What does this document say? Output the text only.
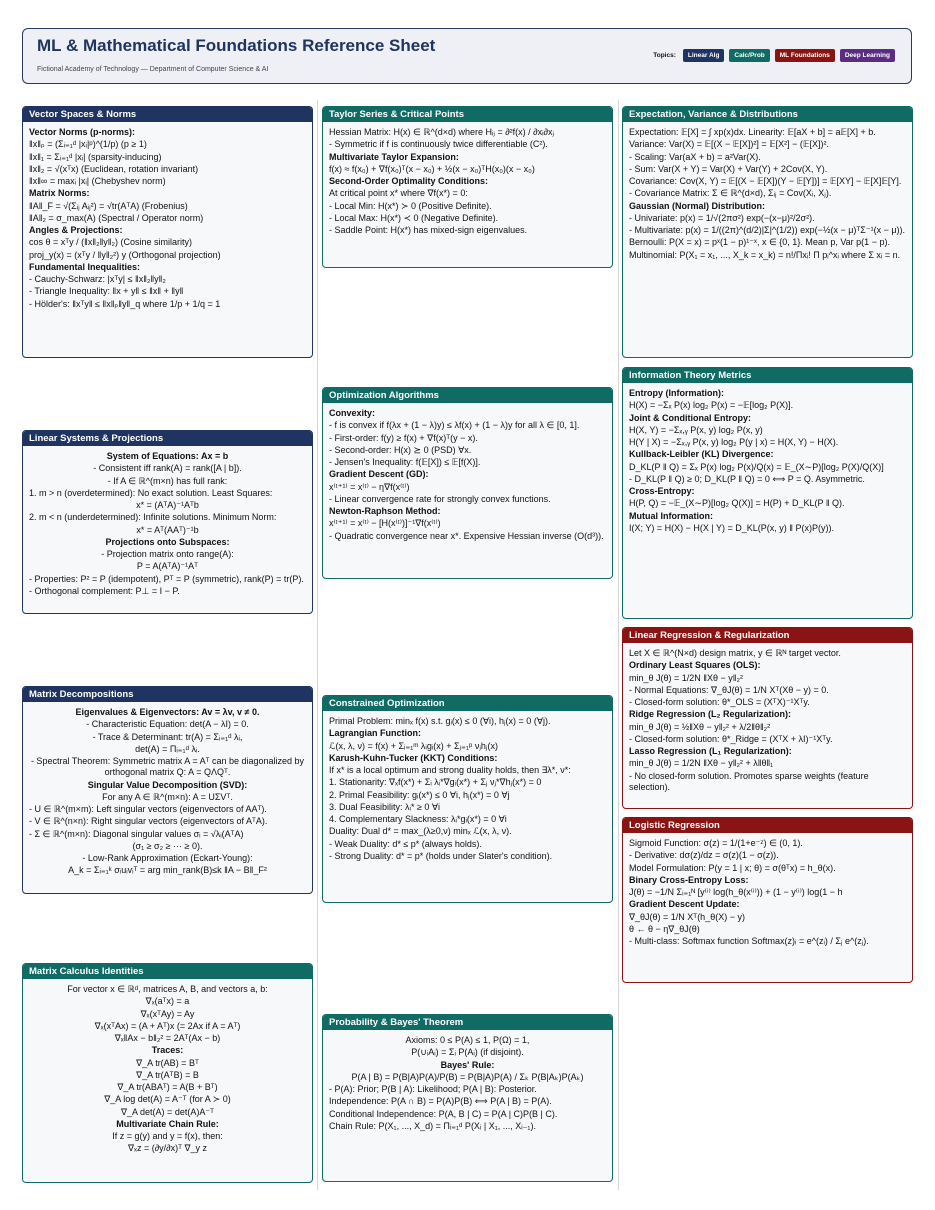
ML & Mathematical Foundations Reference Sheet
Fictional Academy of Technology — Department of Computer Science & AI
Topics:	Linear Alg	Calc/Prob	ML Foundations	Deep Learning
Vector Spaces & Norms

Vector Norms (p-norms):

‖x‖ₚ = (Σᵢ₌₁ᵈ |xᵢ|ᵖ)^(1/p) (p ≥ 1)

‖x‖₁ = Σᵢ₌₁ᵈ |xᵢ| (sparsity-inducing)

‖x‖₂ = √(xᵀx) (Euclidean, rotation invariant)

‖x‖∞ = maxᵢ |xᵢ| (Chebyshev norm)

Matrix Norms:

‖A‖_F = √(Σᵢⱼ Aᵢⱼ²) = √tr(AᵀA) (Frobenius)

‖A‖₂ = σ_max(A) (Spectral / Operator norm)

Angles & Projections:

cos θ = xᵀy / (‖x‖₂‖y‖₂) (Cosine similarity)

proj_y(x) = (xᵀy / ‖y‖₂²) y (Orthogonal projection)

Fundamental Inequalities:

- Cauchy-Schwarz: |xᵀy| ≤ ‖x‖₂‖y‖₂

- Triangle Inequality: ‖x + y‖ ≤ ‖x‖ + ‖y‖

- Hölder's: ‖xᵀy‖ ≤ ‖x‖ₚ‖y‖_q where 1/p + 1/q = 1

Linear Systems & Projections

System of Equations: Ax = b

- Consistent iff rank(A) = rank([A | b]).

- If A ∈ ℝ^(m×n) has full rank:

1. m > n (overdetermined): No exact solution. Least Squares:

x* = (AᵀA)⁻¹Aᵀb

2. m < n (underdetermined): Infinite solutions. Minimum Norm:

x* = Aᵀ(AAᵀ)⁻¹b

Projections onto Subspaces:

- Projection matrix onto range(A):

P = A(AᵀA)⁻¹Aᵀ

- Properties: P² = P (idempotent), Pᵀ = P (symmetric), rank(P) = tr(P).

- Orthogonal complement: P⊥ = I − P.

Matrix Decompositions

Eigenvalues & Eigenvectors: Av = λv, v ≠ 0.

- Characteristic Equation: det(A − λI) = 0.

- Trace & Determinant: tr(A) = Σᵢ₌₁ᵈ λᵢ,

det(A) = Πᵢ₌₁ᵈ λᵢ.

- Spectral Theorem: Symmetric matrix A = Aᵀ can be diagonalized by orthogonal matrix Q: A = QΛQᵀ.

Singular Value Decomposition (SVD):

For any A ∈ ℝ^(m×n): A = UΣVᵀ.

- U ∈ ℝ^(m×m): Left singular vectors (eigenvectors of AAᵀ).

- V ∈ ℝ^(n×n): Right singular vectors (eigenvectors of AᵀA).

- Σ ∈ ℝ^(m×n): Diagonal singular values σᵢ = √λᵢ(AᵀA)

(σ₁ ≥ σ₂ ≥ ··· ≥ 0).

- Low-Rank Approximation (Eckart-Young):

A_k = Σᵢ₌₁ᵏ σᵢuᵢvᵢᵀ = arg min_rank(B)≤k ‖A − B‖_F²

Matrix Calculus Identities

For vector x ∈ ℝᵈ, matrices A, B, and vectors a, b:

∇ₓ(aᵀx) = a

∇ₓ(xᵀAy) = Ay

∇ₓ(xᵀAx) = (A + Aᵀ)x (= 2Ax if A = Aᵀ)

∇ₓ‖Ax − b‖₂² = 2Aᵀ(Ax − b)

Traces:

∇_A tr(AB) = Bᵀ

∇_A tr(AᵀB) = B

∇_A tr(ABAᵀ) = A(B + Bᵀ)

∇_A log det(A) = A⁻ᵀ (for A ≻ 0)

∇_A det(A) = det(A)A⁻ᵀ

Multivariate Chain Rule:

If z = g(y) and y = f(x), then:

∇ₓz = (∂y/∂x)ᵀ ∇_y z

Taylor Series & Critical Points

Hessian Matrix: H(x) ∈ ℝ^(d×d) where Hᵢⱼ = ∂²f(x) / ∂xᵢ∂xⱼ

- Symmetric if f is continuously twice differentiable (C²).

Multivariate Taylor Expansion:

f(x) ≈ f(x₀) + ∇f(x₀)ᵀ(x − x₀) + ½(x − x₀)ᵀH(x₀)(x − x₀)

Second-Order Optimality Conditions:

At critical point x* where ∇f(x*) = 0:

- Local Min: H(x*) ≻ 0 (Positive Definite).

- Local Max: H(x*) ≺ 0 (Negative Definite).

- Saddle Point: H(x*) has mixed-sign eigenvalues.

Optimization Algorithms

Convexity:

- f is convex if f(λx + (1 − λ)y) ≤ λf(x) + (1 − λ)y for all λ ∈ [0, 1].

- First-order: f(y) ≥ f(x) + ∇f(x)ᵀ(y − x).

- Second-order: H(x) ⪰ 0 (PSD) ∀x.

- Jensen's Inequality: f(𝔼[X]) ≤ 𝔼[f(X)].

Gradient Descent (GD):

x⁽ᵗ⁺¹⁾ = x⁽ᵗ⁾ − η∇f(x⁽ᵗ⁾)

- Linear convergence rate for strongly convex functions.

Newton-Raphson Method:

x⁽ᵗ⁺¹⁾ = x⁽ᵗ⁾ − [H(x⁽ᵗ⁾)]⁻¹∇f(x⁽ᵗ⁾)

- Quadratic convergence near x*. Expensive Hessian inverse (O(d³)).

Constrained Optimization

Primal Problem: minₓ f(x) s.t. gᵢ(x) ≤ 0 (∀i), hⱼ(x) = 0 (∀j).

Lagrangian Function:

ℒ(x, λ, ν) = f(x) + Σᵢ₌₁ᵐ λᵢgᵢ(x) + Σⱼ₌₁ᵖ νⱼhⱼ(x)

Karush-Kuhn-Tucker (KKT) Conditions:

If x* is a local optimum and strong duality holds, then ∃λ*, ν*:

1. Stationarity: ∇ₓf(x*) + Σᵢ λᵢ*∇gᵢ(x*) + Σⱼ νⱼ*∇hⱼ(x*) = 0

2. Primal Feasibility: gᵢ(x*) ≤ 0 ∀i, hⱼ(x*) = 0 ∀j

3. Dual Feasibility: λᵢ* ≥ 0 ∀i

4. Complementary Slackness: λᵢ*gᵢ(x*) = 0 ∀i

Duality: Dual d* = max_(λ≥0,ν) minₓ ℒ(x, λ, ν).

- Weak Duality: d* ≤ p* (always holds).

- Strong Duality: d* = p* (holds under Slater's condition).

Probability & Bayes' Theorem

Axioms: 0 ≤ P(A) ≤ 1, P(Ω) = 1,

P(∪ᵢAᵢ) = Σᵢ P(Aᵢ) (if disjoint).

Bayes' Rule:

P(A | B) = P(B|A)P(A)/P(B) = P(B|A)P(A) / Σₖ P(B|Aₖ)P(Aₖ)

- P(A): Prior; P(B | A): Likelihood; P(A | B): Posterior.

Independence: P(A ∩ B) = P(A)P(B) ⟺ P(A | B) = P(A).

Conditional Independence: P(A, B | C) = P(A | C)P(B | C).

Chain Rule: P(X₁, ..., X_d) = Πᵢ₌₁ᵈ P(Xᵢ | X₁, ..., Xᵢ₋₁).

Expectation, Variance & Distributions

Expectation: 𝔼[X] = ∫ xp(x)dx. Linearity: 𝔼[aX + b] = a𝔼[X] + b.

Variance: Var(X) = 𝔼[(X − 𝔼[X])²] = 𝔼[X²] − (𝔼[X])².

- Scaling: Var(aX + b) = a²Var(X).

- Sum: Var(X + Y) = Var(X) + Var(Y) + 2Cov(X, Y).

Covariance: Cov(X, Y) = 𝔼[(X − 𝔼[X])(Y − 𝔼[Y])] = 𝔼[XY] − 𝔼[X]𝔼[Y].

- Covariance Matrix: Σ ∈ ℝ^(d×d), Σᵢⱼ = Cov(Xᵢ, Xⱼ).

Gaussian (Normal) Distribution:

- Univariate: p(x) = 1/√(2πσ²) exp(−(x−μ)²/2σ²).

- Multivariate: p(x) = 1/((2π)^(d/2)|Σ|^(1/2)) exp(−½(x − μ)ᵀΣ⁻¹(x − μ)).

Bernoulli: P(X = x) = pˣ(1 − p)¹⁻ˣ, x ∈ {0, 1}. Mean p, Var p(1 − p).

Multinomial: P(X₁ = x₁, ..., X_k = x_k) = n!/Πxᵢ! Π pᵢ^xᵢ where Σ xᵢ = n.

Information Theory Metrics

Entropy (Information):

H(X) = −Σₓ P(x) log₂ P(x) = −𝔼[log₂ P(X)].

Joint & Conditional Entropy:

H(X, Y) = −Σₓ,ᵧ P(x, y) log₂ P(x, y)

H(Y | X) = −Σₓ,ᵧ P(x, y) log₂ P(y | x) = H(X, Y) − H(X).

Kullback-Leibler (KL) Divergence:

D_KL(P ‖ Q) = Σₓ P(x) log₂ P(x)/Q(x) = 𝔼_(X∼P)[log₂ P(X)/Q(X)]

- D_KL(P ‖ Q) ≥ 0; D_KL(P ‖ Q) = 0 ⟺ P = Q. Asymmetric.

Cross-Entropy:

H(P, Q) = −𝔼_(X∼P)[log₂ Q(X)] = H(P) + D_KL(P ‖ Q).

Mutual Information:

I(X; Y) = H(X) − H(X | Y) = D_KL(P(x, y) ‖ P(x)P(y)).

Linear Regression & Regularization

Let X ∈ ℝ^(N×d) design matrix, y ∈ ℝᴺ target vector.

Ordinary Least Squares (OLS):

min_θ J(θ) = 1/2N ‖Xθ − y‖₂²

- Normal Equations: ∇_θJ(θ) = 1/N Xᵀ(Xθ − y) = 0.

- Closed-form solution: θ*_OLS = (XᵀX)⁻¹Xᵀy.

Ridge Regression (L₂ Regularization):

min_θ J(θ) = ½‖Xθ − y‖₂² + λ/2‖θ‖₂²

- Closed-form solution: θ*_Ridge = (XᵀX + λI)⁻¹Xᵀy.

Lasso Regression (L₁ Regularization):

min_θ J(θ) = 1/2N ‖Xθ − y‖₂² + λ‖θ‖₁

- No closed-form solution. Promotes sparse weights (feature selection).

Logistic Regression

Sigmoid Function: σ(z) = 1/(1+e⁻ᶻ) ∈ (0, 1).

- Derivative: dσ(z)/dz = σ(z)(1 − σ(z)).

Model Formulation: P(y = 1 | x; θ) = σ(θᵀx) = h_θ(x).

Binary Cross-Entropy Loss:

J(θ) = −1/N Σᵢ₌₁ᴺ [y⁽ⁱ⁾ log(h_θ(x⁽ⁱ⁾)) + (1 − y⁽ⁱ⁾) log(1 − h

Gradient Descent Update:

∇_θJ(θ) = 1/N Xᵀ(h_θ(X) − y)

θ ← θ − η∇_θJ(θ)

- Multi-class: Softmax function Softmax(z)ᵢ = e^(zᵢ) / Σⱼ e^(zⱼ).
